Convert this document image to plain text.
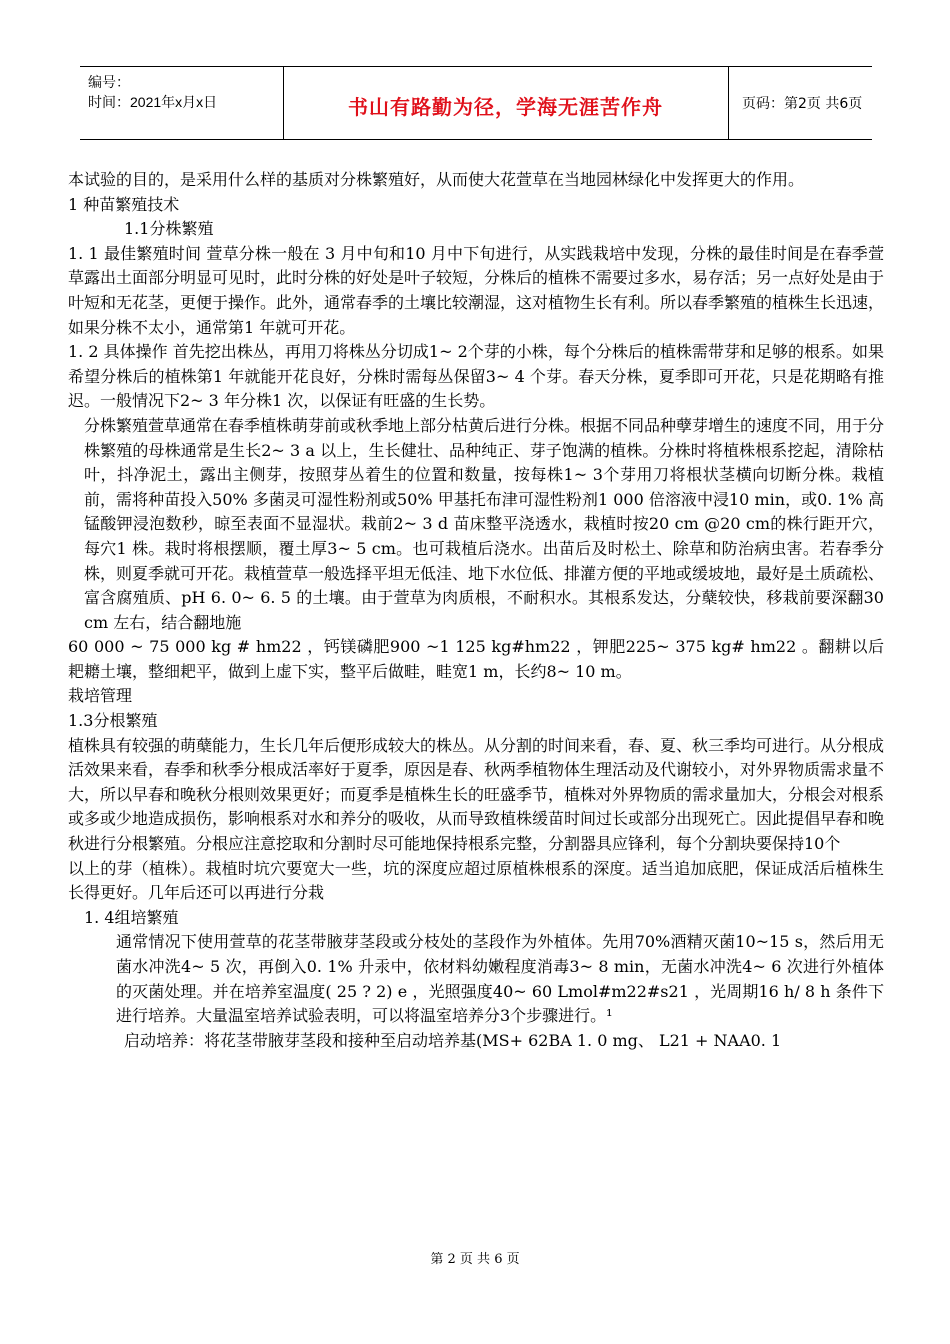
编号：
时间：2021年x月x日	书山有路勤为径，学海无涯苦作舟	页码：第2页 共6页

本试验的目的，是采用什么样的基质对分株繁殖好，从而使大花萱草在当地园林绿化中发挥更大的作用。

1 种苗繁殖技术

1.1分株繁殖

1. 1 最佳繁殖时间 萱草分株一般在 3 月中旬和10 月中下旬进行，从实践栽培中发现，分株的最佳时间是在春季萱草露出土面部分明显可见时，此时分株的好处是叶子较短，分株后的植株不需要过多水，易存活；另一点好处是由于叶短和无花茎，更便于操作。此外，通常春季的土壤比较潮湿，这对植物生长有利。所以春季繁殖的植株生长迅速，如果分株不太小，通常第1 年就可开花。

1. 2 具体操作 首先挖出株丛，再用刀将株丛分切成1~ 2个芽的小株，每个分株后的植株需带芽和足够的根系。如果希望分株后的植株第1 年就能开花良好，分株时需每丛保留3~ 4 个芽。春天分株，夏季即可开花，只是花期略有推迟。一般情况下2~ 3 年分株1 次，以保证有旺盛的生长势。

分株繁殖萱草通常在春季植株萌芽前或秋季地上部分枯黄后进行分株。根据不同品种孽芽增生的速度不同，用于分株繁殖的母株通常是生长2~ 3 a 以上，生长健壮、品种纯正、芽子饱满的植株。分株时将植株根系挖起，清除枯叶，抖净泥土，露出主侧芽，按照芽丛着生的位置和数量，按每株1~ 3个芽用刀将根状茎横向切断分株。栽植前，需将种苗投入50% 多菌灵可湿性粉剂或50% 甲基托布津可湿性粉剂1 000 倍溶液中浸10 min，或0. 1% 高锰酸钾浸泡数秒，晾至表面不显湿状。栽前2~ 3 d 苗床整平浇透水，栽植时按20 cm @20 cm的株行距开穴，每穴1 株。栽时将根摆顺，覆土厚3~ 5 cm。也可栽植后浇水。出苗后及时松土、除草和防治病虫害。若春季分株，则夏季就可开花。栽植萱草一般选择平坦无低洼、地下水位低、排灌方便的平地或缓坡地，最好是土质疏松、富含腐殖质、pH 6. 0~ 6. 5 的土壤。由于萱草为肉质根，不耐积水。其根系发达，分蘖较快，移栽前要深翻30 cm 左右，结合翻地施

60 000 ~ 75 000 kg # hm22 ，钙镁磷肥900 ~1 125 kg#hm22 ，钾肥225~ 375 kg# hm22 。翻耕以后耙耱土壤，整细耙平，做到上虚下实，整平后做畦，畦宽1 m，长约8~ 10 m。

栽培管理

1.3分根繁殖

植株具有较强的萌蘖能力，生长几年后便形成较大的株丛。从分割的时间来看，春、夏、秋三季均可进行。从分根成活效果来看，春季和秋季分根成活率好于夏季，原因是春、秋两季植物体生理活动及代谢较小，对外界物质需求量不大，所以早春和晚秋分根则效果更好；而夏季是植株生长的旺盛季节，植株对外界物质的需求量加大，分根会对根系或多或少地造成损伤，影响根系对水和养分的吸收，从而导致植株缓苗时间过长或部分出现死亡。因此提倡早春和晚秋进行分根繁殖。分根应注意挖取和分割时尽可能地保持根系完整，分割器具应锋利，每个分割块要保持10个

以上的芽（植株）。栽植时坑穴要宽大一些，坑的深度应超过原植株根系的深度。适当追加底肥，保证成活后植株生长得更好。几年后还可以再进行分栽

1. 4组培繁殖

通常情况下使用萱草的花茎带腋芽茎段或分枝处的茎段作为外植体。先用70%酒精灭菌10~15 s，然后用无菌水冲洗4~ 5 次，再倒入0. 1% 升汞中，依材料幼嫩程度消毒3~ 8 min，无菌水冲洗4~ 6 次进行外植体的灭菌处理。并在培养室温度( 25 ? 2) e ，光照强度40~ 60 Lmol#m22#s21 ，光周期16 h/ 8 h 条件下进行培养。大量温室培养试验表明，可以将温室培养分3个步骤进行。¹

启动培养：将花茎带腋芽茎段和接种至启动培养基(MS+ 62BA 1. 0 mg、 L21 + NAA0. 1

第 2 页 共 6 页
